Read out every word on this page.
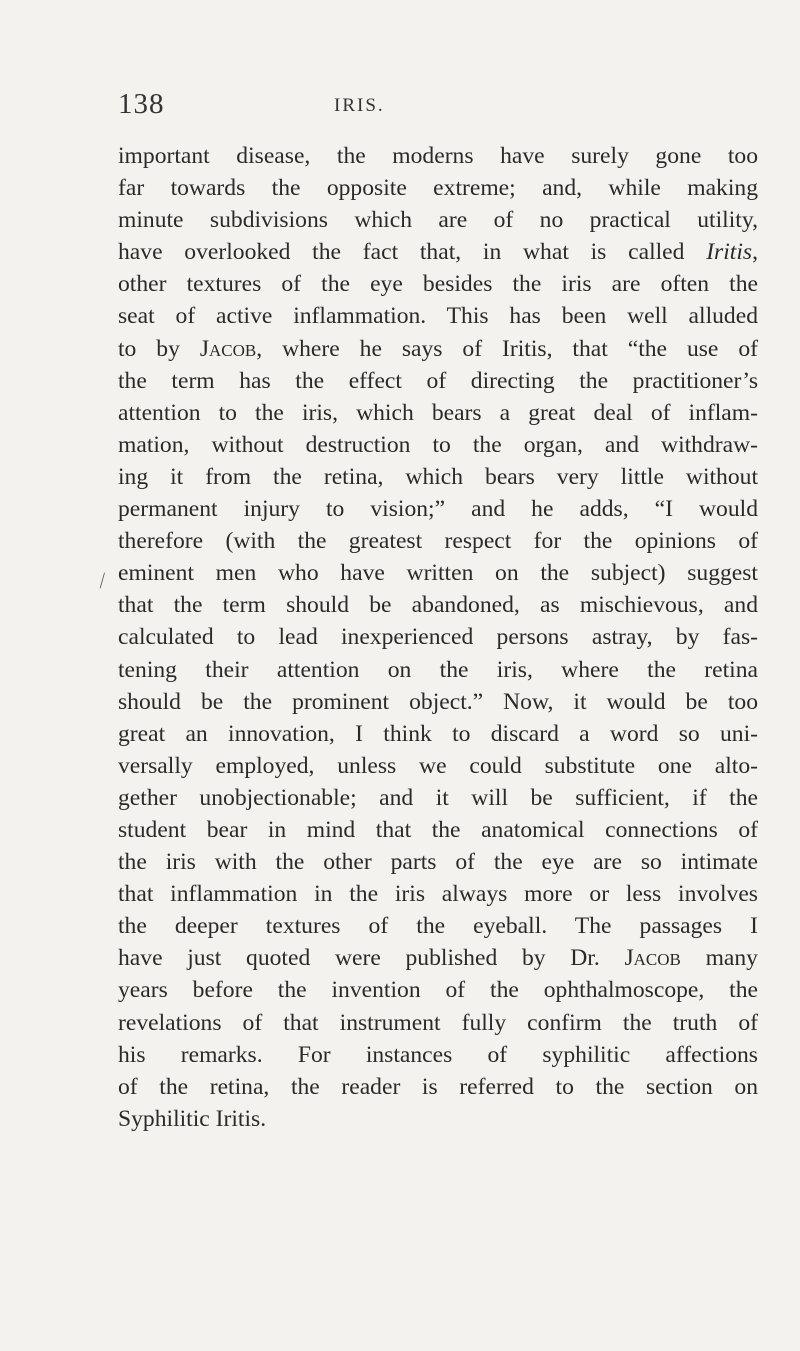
138	IRIS.
⁄
important disease, the moderns have surely gone too
far towards the opposite extreme; and, while making
minute subdivisions which are of no practical utility,
have overlooked the fact that, in what is called Iritis,
other textures of the eye besides the iris are often the
seat of active inflammation. This has been well alluded
to by Jacob, where he says of Iritis, that “the use of
the term has the effect of directing the practitioner’s
attention to the iris, which bears a great deal of inflam-
mation, without destruction to the organ, and withdraw-
ing it from the retina, which bears very little without
permanent injury to vision;” and he adds, “I would
therefore (with the greatest respect for the opinions of
eminent men who have written on the subject) suggest
that the term should be abandoned, as mischievous, and
calculated to lead inexperienced persons astray, by fas-
tening their attention on the iris, where the retina
should be the prominent object.” Now, it would be too
great an innovation, I think to discard a word so uni-
versally employed, unless we could substitute one alto-
gether unobjectionable; and it will be sufficient, if the
student bear in mind that the anatomical connections of
the iris with the other parts of the eye are so intimate
that inflammation in the iris always more or less involves
the deeper textures of the eyeball. The passages I
have just quoted were published by Dr. Jacob many
years before the invention of the ophthalmoscope, the
revelations of that instrument fully confirm the truth of
his remarks. For instances of syphilitic affections
of the retina, the reader is referred to the section on
Syphilitic Iritis.
